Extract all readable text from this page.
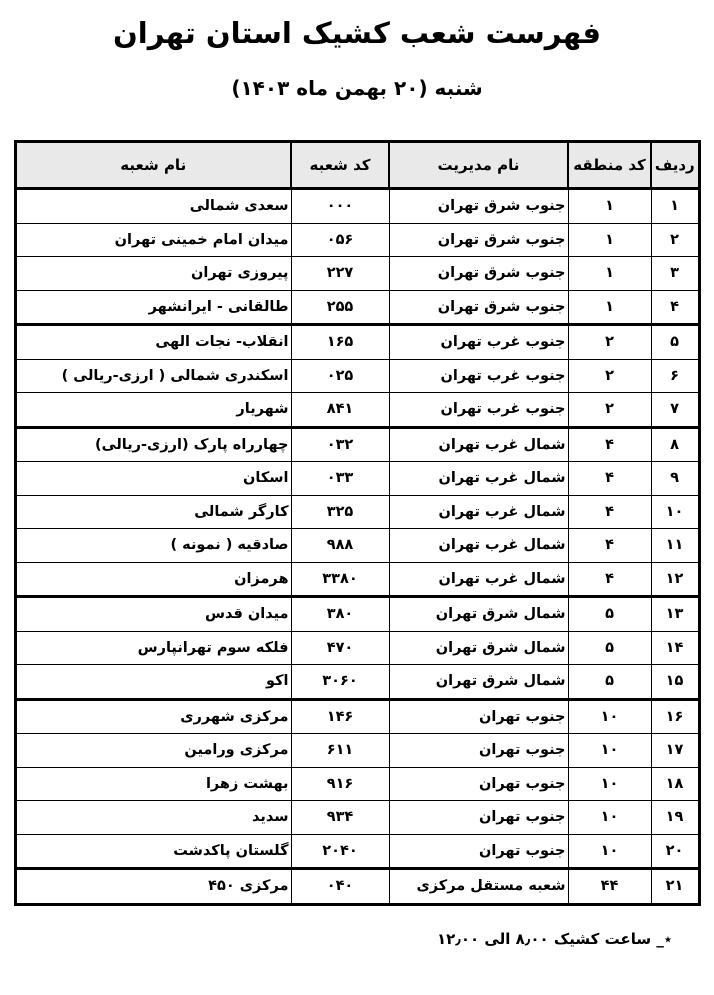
فهرست شعب کشیک استان تهران
شنبه (۲۰ بهمن ماه ۱۴۰۳)
ردیف	کد منطقه	نام مدیریت	کد شعبه	نام شعبه
۱	۱	جنوب شرق تهران	۰۰۰	سعدی شمالی
۲	۱	جنوب شرق تهران	۰۵۶	میدان امام خمینی تهران
۳	۱	جنوب شرق تهران	۲۲۷	پیروزی تهران
۴	۱	جنوب شرق تهران	۲۵۵	طالقانی - ایرانشهر
۵	۲	جنوب غرب تهران	۱۶۵	انقلاب- نجات الهی
۶	۲	جنوب غرب تهران	۰۲۵	اسکندری شمالی ( ارزی-ریالی )
۷	۲	جنوب غرب تهران	۸۴۱	شهریار
۸	۴	شمال غرب تهران	۰۳۲	چهارراه پارک (ارزی-ریالی)
۹	۴	شمال غرب تهران	۰۳۳	اسکان
۱۰	۴	شمال غرب تهران	۳۲۵	کارگر شمالی
۱۱	۴	شمال غرب تهران	۹۸۸	صادقیه ( نمونه )
۱۲	۴	شمال غرب تهران	۳۳۸۰	هرمزان
۱۳	۵	شمال شرق تهران	۳۸۰	میدان قدس
۱۴	۵	شمال شرق تهران	۴۷۰	فلکه سوم تهرانپارس
۱۵	۵	شمال شرق تهران	۳۰۶۰	اکو
۱۶	۱۰	جنوب تهران	۱۴۶	مرکزی شهرری
۱۷	۱۰	جنوب تهران	۶۱۱	مرکزی ورامین
۱۸	۱۰	جنوب تهران	۹۱۶	بهشت زهرا
۱۹	۱۰	جنوب تهران	۹۳۴	سدید
۲۰	۱۰	جنوب تهران	۲۰۴۰	گلستان پاکدشت
۲۱	۴۴	شعبه مستقل مرکزی	۰۴۰	مرکزی ۴۵۰
٭_ ساعت کشیک ۸٫۰۰ الی ۱۲٫۰۰
